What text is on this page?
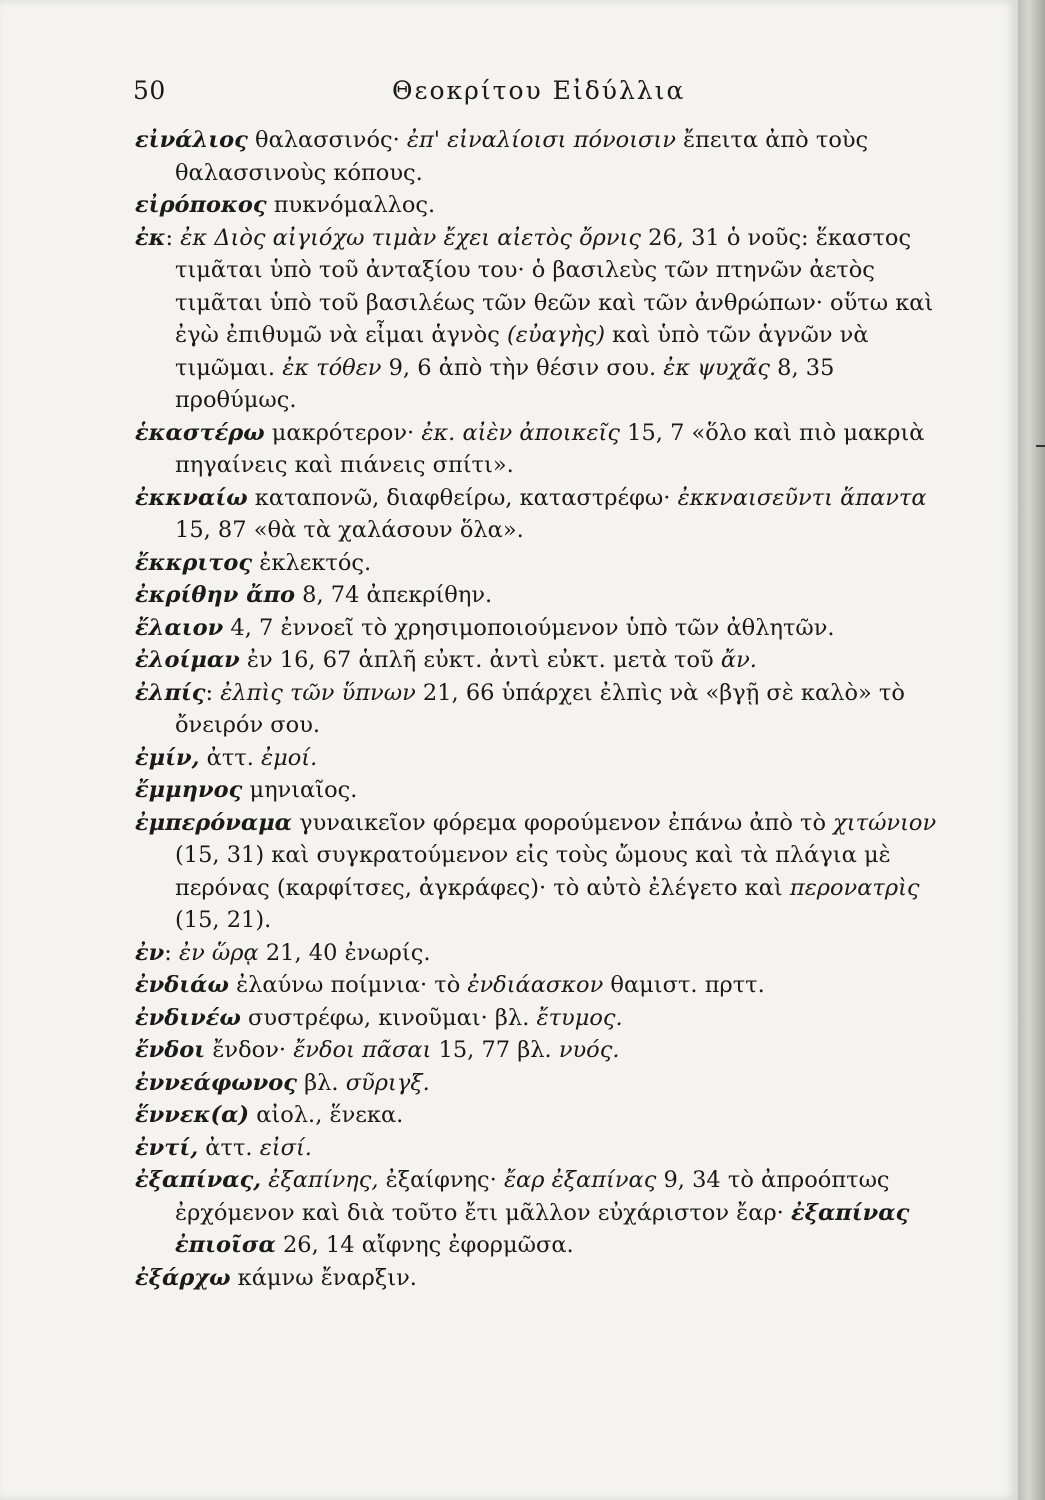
50	Θεοκρίτου Εἰδύλλια

εἰνάλιος θαλασσινός· ἐπ' εἰναλίοισι πόνοισιν ἔπειτα ἀπὸ τοὺς θαλασσινοὺς κόπους.

εἰρόποκος πυκνόμαλλος.

ἐκ: ἐκ Διὸς αἰγιόχω τιμὰν ἔχει αἰετὸς ὄρνις 26, 31 ὁ νοῦς: ἕκαστος τιμᾶται ὑπὸ τοῦ ἀνταξίου του· ὁ βασιλεὺς τῶν πτηνῶν ἀετὸς τιμᾶται ὑπὸ τοῦ βασιλέως τῶν θεῶν καὶ τῶν ἀνθρώπων· οὕτω καὶ ἐγὼ ἐπιθυμῶ νὰ εἶμαι ἁγνὸς (εὐαγὴς) καὶ ὑπὸ τῶν ἁγνῶν νὰ τιμῶμαι. ἐκ τόθεν 9, 6 ἀπὸ τὴν θέσιν σου. ἐκ ψυχᾶς 8, 35 προθύμως.

ἑκαστέρω μακρότερον· ἐκ. αἰὲν ἀποικεῖς 15, 7 «ὅλο καὶ πιὸ μακριὰ πηγαίνεις καὶ πιάνεις σπίτι».

ἐκκναίω καταπονῶ, διαφθείρω, καταστρέφω· ἐκκναισεῦντι ἅπαντα 15, 87 «θὰ τὰ χαλάσουν ὅλα».

ἔκκριτος ἐκλεκτός.

ἐκρίθην ἄπο 8, 74 ἀπεκρίθην.

ἔλαιον 4, 7 ἐννοεῖ τὸ χρησιμοποιούμενον ὑπὸ τῶν ἀθλητῶν.

ἐλοίμαν ἐν 16, 67 ἁπλῆ εὐκτ. ἀντὶ εὐκτ. μετὰ τοῦ ἄν.

ἐλπίς: ἐλπὶς τῶν ὕπνων 21, 66 ὑπάρχει ἐλπὶς νὰ «βγῇ σὲ καλὸ» τὸ ὄνειρόν σου.

ἐμίν, ἀττ. ἐμοί.

ἔμμηνος μηνιαῖος.

ἐμπερόναμα γυναικεῖον φόρεμα φορούμενον ἐπάνω ἀπὸ τὸ χιτώνιον (15, 31) καὶ συγκρατούμενον εἰς τοὺς ὤμους καὶ τὰ πλάγια μὲ περόνας (καρφίτσες, ἀγκράφες)· τὸ αὐτὸ ἐλέγετο καὶ περονατρὶς (15, 21).

ἐν: ἐν ὥρᾳ 21, 40 ἐνωρίς.

ἐνδιάω ἐλαύνω ποίμνια· τὸ ἐνδιάασκον θαμιστ. πρττ.

ἐνδινέω συστρέφω, κινοῦμαι· βλ. ἔτυμος.

ἔνδοι ἔνδον· ἔνδοι πᾶσαι 15, 77 βλ. νυός.

ἐννεάφωνος βλ. σῦριγξ.

ἕννεκ(α) αἰολ., ἕνεκα.

ἐντί, ἀττ. εἰσί.

ἐξαπίνας, ἐξαπίνης, ἐξαίφνης· ἔαρ ἐξαπίνας 9, 34 τὸ ἀπροόπτως ἐρχόμενον καὶ διὰ τοῦτο ἔτι μᾶλλον εὐχάριστον ἔαρ· ἐξαπίνας ἐπιοῖσα 26, 14 αἴφνης ἐφορμῶσα.

ἐξάρχω κάμνω ἔναρξιν.
